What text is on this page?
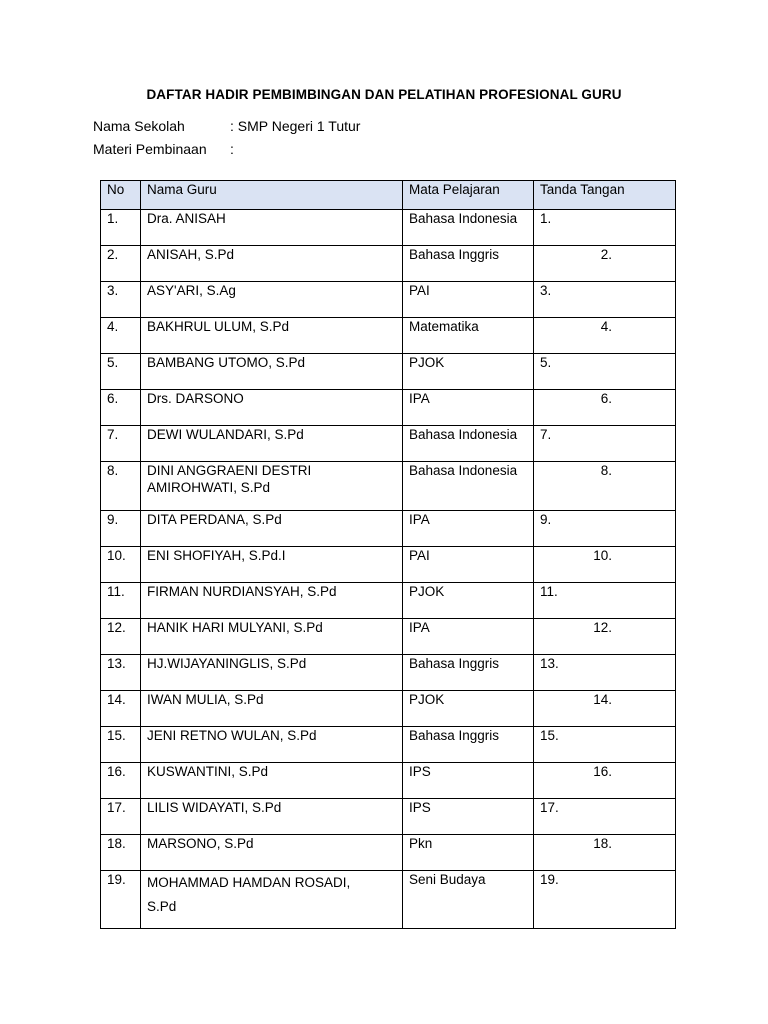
DAFTAR HADIR PEMBIMBINGAN DAN PELATIHAN PROFESIONAL GURU
Nama Sekolah	: SMP Negeri 1 Tutur
Materi Pembinaan :
No	Nama Guru	Mata Pelajaran	Tanda Tangan
1.	Dra. ANISAH	Bahasa Indonesia	1.
2.	ANISAH, S.Pd	Bahasa Inggris	2.
3.	ASY'ARI, S.Ag	PAI	3.
4.	BAKHRUL ULUM, S.Pd	Matematika	4.
5.	BAMBANG UTOMO, S.Pd	PJOK	5.
6.	Drs. DARSONO	IPA	6.
7.	DEWI WULANDARI, S.Pd	Bahasa Indonesia	7.
8.	DINI ANGGRAENI DESTRI
AMIROHWATI, S.Pd	Bahasa Indonesia	8.
9.	DITA PERDANA, S.Pd	IPA	9.
10.	ENI SHOFIYAH, S.Pd.I	PAI	10.
11.	FIRMAN NURDIANSYAH, S.Pd	PJOK	11.
12.	HANIK HARI MULYANI, S.Pd	IPA	12.
13.	HJ.WIJAYANINGLIS, S.Pd	Bahasa Inggris	13.
14.	IWAN MULIA, S.Pd	PJOK	14.
15.	JENI RETNO WULAN, S.Pd	Bahasa Inggris	15.
16.	KUSWANTINI, S.Pd	IPS	16.
17.	LILIS WIDAYATI, S.Pd	IPS	17.
18.	MARSONO, S.Pd	Pkn	18.
19.	MOHAMMAD HAMDAN ROSADI,
S.Pd	Seni Budaya	19.
